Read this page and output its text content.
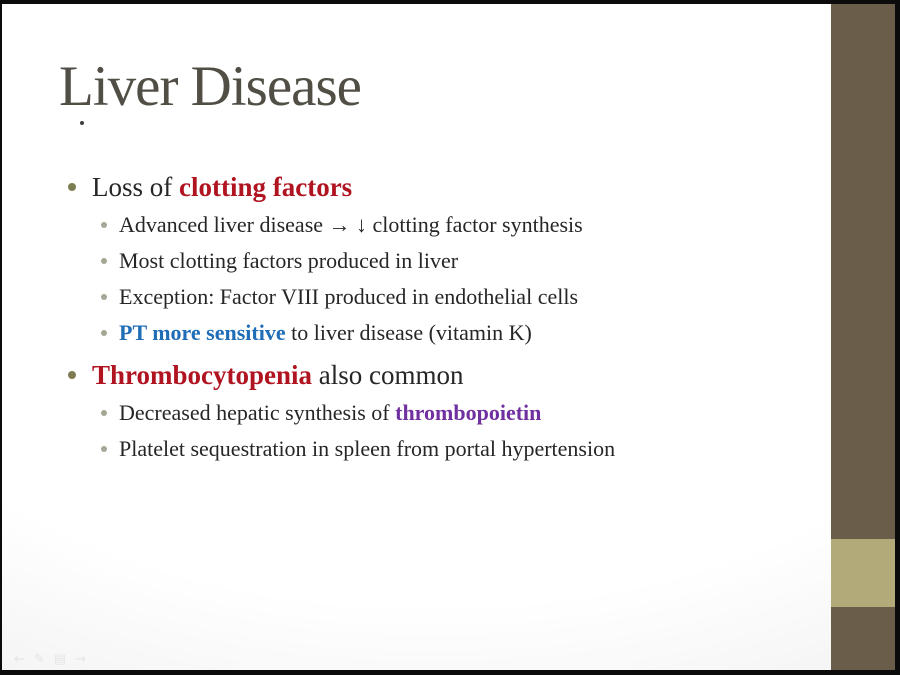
Liver Disease
Loss of clotting factors
Advanced liver disease → ↓ clotting factor synthesis
Most clotting factors produced in liver
Exception: Factor VIII produced in endothelial cells
PT more sensitive to liver disease (vitamin K)
Thrombocytopenia also common
Decreased hepatic synthesis of thrombopoietin
Platelet sequestration in spleen from portal hypertension
← ✎ ▤ →
